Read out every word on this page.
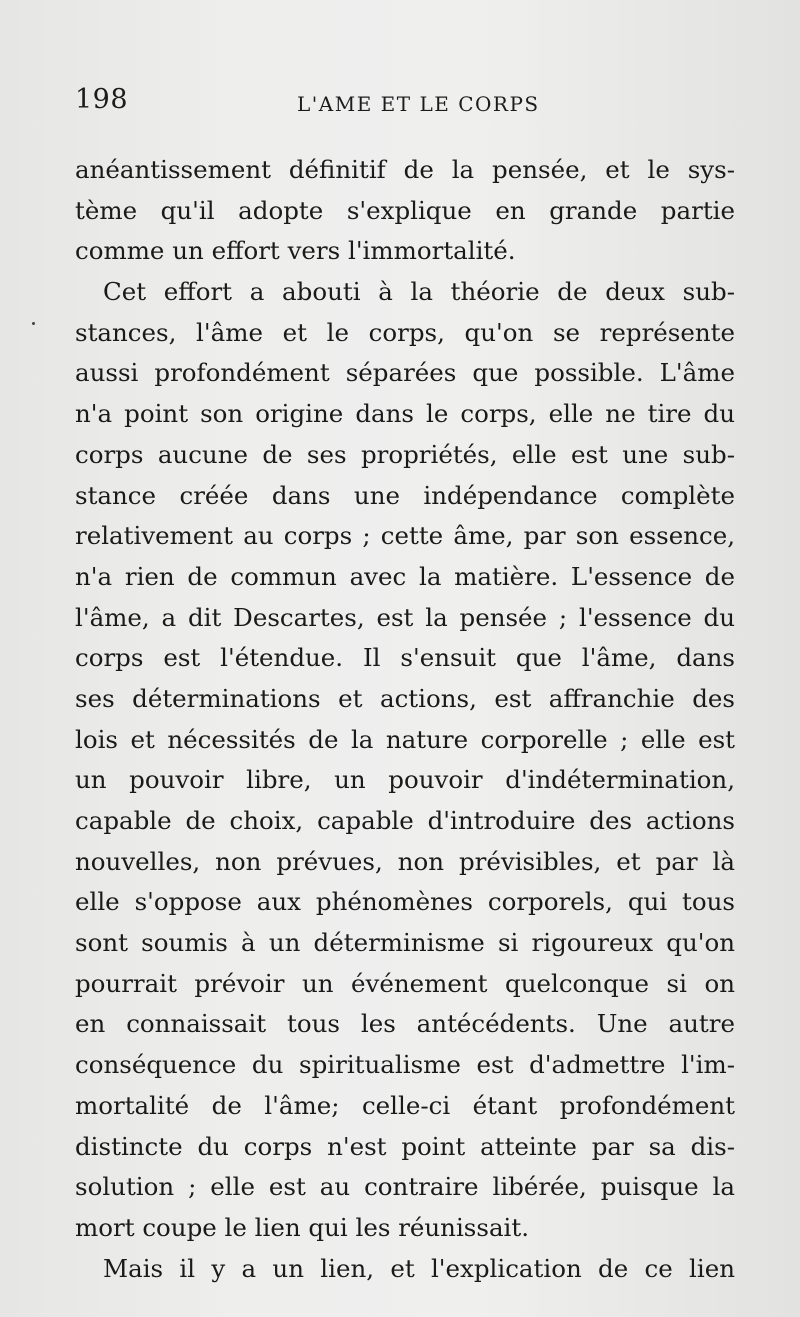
198	L'AME ET LE CORPS
anéantissement définitif de la pensée, et le sys-
tème qu'il adopte s'explique en grande partie
comme un effort vers l'immortalité.
Cet effort a abouti à la théorie de deux sub-
stances, l'âme et le corps, qu'on se représente
aussi profondément séparées que possible. L'âme
n'a point son origine dans le corps, elle ne tire du
corps aucune de ses propriétés, elle est une sub-
stance créée dans une indépendance complète
relativement au corps ; cette âme, par son essence,
n'a rien de commun avec la matière. L'essence de
l'âme, a dit Descartes, est la pensée ; l'essence du
corps est l'étendue. Il s'ensuit que l'âme, dans
ses déterminations et actions, est affranchie des
lois et nécessités de la nature corporelle ; elle est
un pouvoir libre, un pouvoir d'indétermination,
capable de choix, capable d'introduire des actions
nouvelles, non prévues, non prévisibles, et par là
elle s'oppose aux phénomènes corporels, qui tous
sont soumis à un déterminisme si rigoureux qu'on
pourrait prévoir un événement quelconque si on
en connaissait tous les antécédents. Une autre
conséquence du spiritualisme est d'admettre l'im-
mortalité de l'âme; celle-ci étant profondément
distincte du corps n'est point atteinte par sa dis-
solution ; elle est au contraire libérée, puisque la
mort coupe le lien qui les réunissait.
Mais il y a un lien, et l'explication de ce lien
